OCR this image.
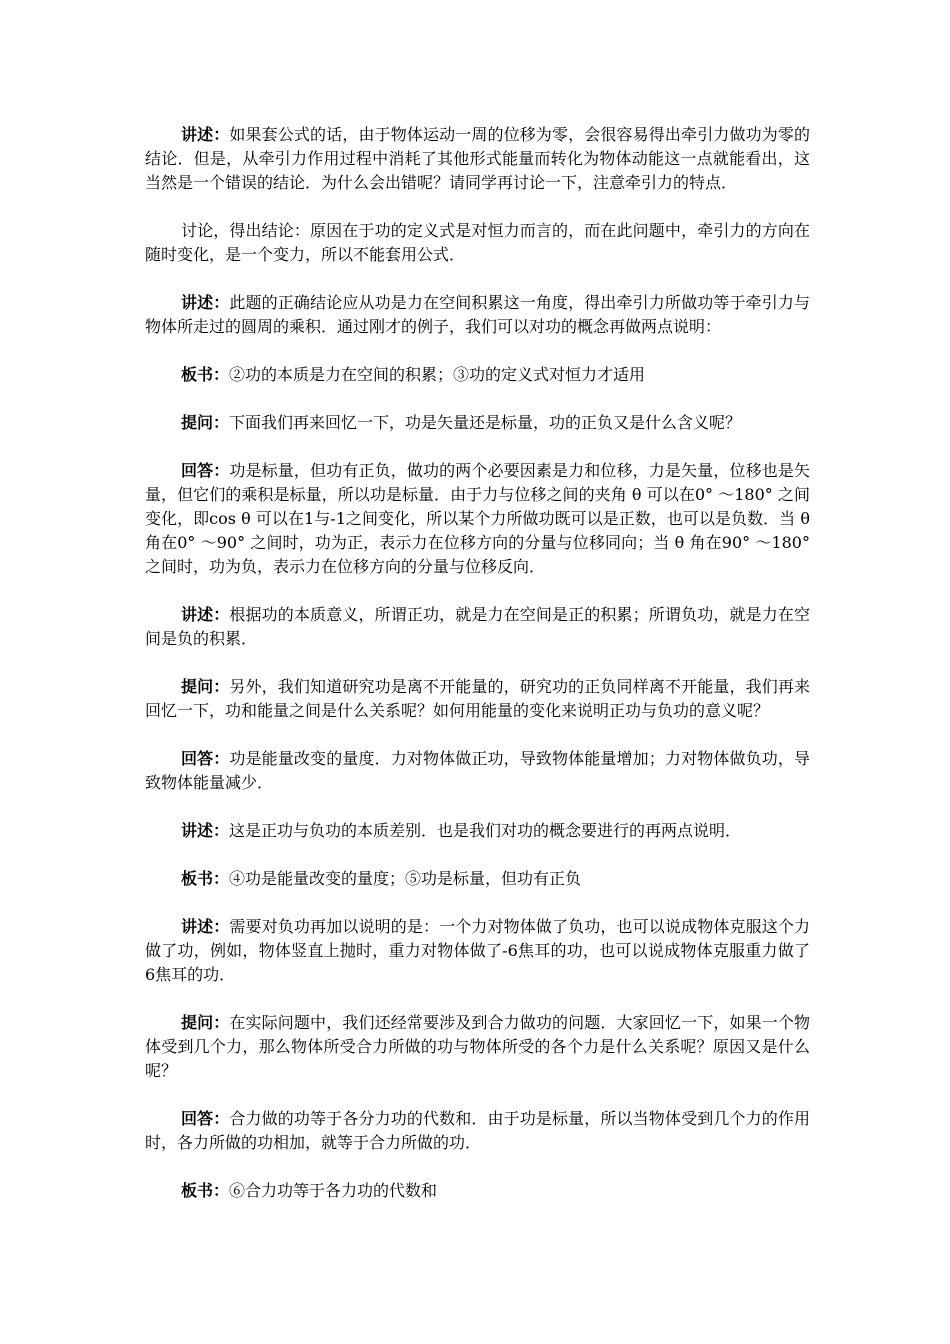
讲述：如果套公式的话，由于物体运动一周的位移为零，会很容易得出牵引力做功为零的结论．但是，从牵引力作用过程中消耗了其他形式能量而转化为物体动能这一点就能看出，这当然是一个错误的结论．为什么会出错呢？请同学再讨论一下，注意牵引力的特点．

讨论，得出结论：原因在于功的定义式是对恒力而言的，而在此问题中，牵引力的方向在随时变化，是一个变力，所以不能套用公式．

讲述：此题的正确结论应从功是力在空间积累这一角度，得出牵引力所做功等于牵引力与物体所走过的圆周的乘积．通过刚才的例子，我们可以对功的概念再做两点说明：

板书：②功的本质是力在空间的积累；③功的定义式对恒力才适用

提问：下面我们再来回忆一下，功是矢量还是标量，功的正负又是什么含义呢？

回答：功是标量，但功有正负，做功的两个必要因素是力和位移，力是矢量，位移也是矢量，但它们的乘积是标量，所以功是标量．由于力与位移之间的夹角 θ 可以在0° ～180° 之间变化，即cos θ 可以在1与-1之间变化，所以某个力所做功既可以是正数，也可以是负数．当 θ 角在0° ～90° 之间时，功为正，表示力在位移方向的分量与位移同向；当 θ 角在90° ～180° 之间时，功为负，表示力在位移方向的分量与位移反向．

讲述：根据功的本质意义，所谓正功，就是力在空间是正的积累；所谓负功，就是力在空间是负的积累．

提问：另外，我们知道研究功是离不开能量的，研究功的正负同样离不开能量，我们再来回忆一下，功和能量之间是什么关系呢？如何用能量的变化来说明正功与负功的意义呢？

回答：功是能量改变的量度．力对物体做正功，导致物体能量增加；力对物体做负功，导致物体能量减少．

讲述：这是正功与负功的本质差别．也是我们对功的概念要进行的再两点说明．

板书：④功是能量改变的量度；⑤功是标量，但功有正负

讲述：需要对负功再加以说明的是：一个力对物体做了负功，也可以说成物体克服这个力做了功，例如，物体竖直上抛时，重力对物体做了-6焦耳的功，也可以说成物体克服重力做了6焦耳的功．

提问：在实际问题中，我们还经常要涉及到合力做功的问题．大家回忆一下，如果一个物体受到几个力，那么物体所受合力所做的功与物体所受的各个力是什么关系呢？原因又是什么呢？

回答：合力做的功等于各分力功的代数和．由于功是标量，所以当物体受到几个力的作用时，各力所做的功相加，就等于合力所做的功．

板书：⑥合力功等于各力功的代数和
